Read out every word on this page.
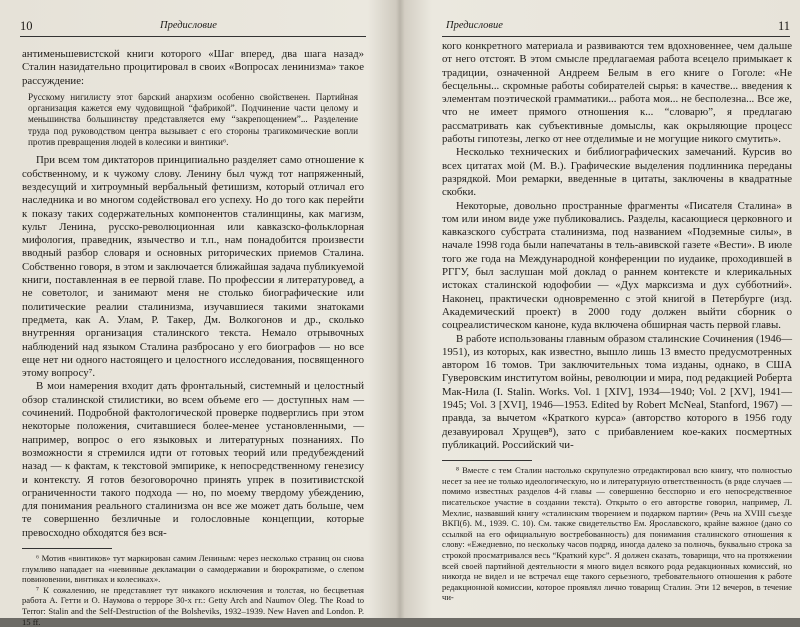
10	Предисловие

антименьшевистской книги которого «Шаг вперед, два шага назад» Сталин назидательно процитировал в своих «Вопросах ленинизма» такое рассуждение:

Русскому нигилисту этот барский анархизм особенно свойственен. Партийная организация кажется ему чудовищной “фабрикой”. Подчинение части целому и меньшинства большинству представляется ему “закрепощением”... Разделение труда под руководством центра вызывает с его стороны трагикомические вопли против превращения людей в колесики и винтики⁶.

При всем том диктаторов принципиально разделяет само отношение к собственному, и к чужому слову. Ленину был чужд тот напряженный, вездесущий и хитроумный вербальный фетишизм, который отличал его наследника и во многом содействовал его успеху. Но до того как перейти к показу таких содержательных компонентов сталинщины, как магизм, культ Ленина, русско-революционная или кавказско-фольклорная мифология, праведник, язычество и т.п., нам понадобится произвести вводный разбор словаря и основных риторических приемов Сталина. Собственно говоря, в этом и заключается ближайшая задача публикуемой книги, поставленная в ее первой главе. По профессии я литературовед, а не советолог, и занимают меня не столько биографические или политические реалии сталинизма, изучавшиеся такими знатоками предмета, как А. Улам, Р. Такер, Дм. Волкогонов и др., сколько внутренняя организация сталинского текста. Немало отрывочных наблюдений над языком Сталина разбросано у его биографов — но все еще нет ни одного настоящего и целостного исследования, посвященного этому вопросу⁷.

В мои намерения входит дать фронтальный, системный и целостный обзор сталинской стилистики, во всем объеме его — доступных нам — сочинений. Подробной фактологической проверке подверглись при этом некоторые положения, считавшиеся более-менее установленными, — например, вопрос о его языковых и литературных познаниях. По возможности я стремился идти от готовых теорий или предубеждений назад — к фактам, к текстовой эмпирике, к непосредственному генезису и контексту. Я готов безоговорочно принять упрек в позитивистской ограниченности такого подхода — но, по моему твердому убеждению, для понимания реального сталинизма он все же может дать больше, чем те совершенно безличные и голословные концепции, которые превосходно обходятся без вся-

⁶ Мотив «винтиков» тут маркирован самим Лениным: через несколько страниц он снова глумливо нападает на «невинные декламации о самодержавии и бюрократизме, о слепом повиновении, винтиках и колесиках».

⁷ К сожалению, не представляет тут никакого исключения и толстая, но бесцветная работа А. Гетти и О. Наумова о терроре 30-х гг.: Getty Arch and Naumov Oleg. The Road to Terror: Stalin and the Self-Destruction of the Bolsheviks, 1932–1939. New Haven and London. P. 15 ff.

Предисловие	11

кого конкретного материала и развиваются тем вдохновеннее, чем дальше от него отстоят. В этом смысле предлагаемая работа всецело примыкает к традиции, означенной Андреем Белым в его книге о Гоголе: «Не бесцельны... скромные работы собирателей сырья: в качестве... введения к элементам поэтической грамматики... работа моя... не бесполезна... Все же, что не имеет прямого отношения к... “словарю”, я предлагаю рассматривать как субъективные домыслы, как окрыляющие процесс работы гипотезы, легко от нее отделимые и не могущие никого смутить».

Несколько технических и библиографических замечаний. Курсив во всех цитатах мой (М. В.). Графические выделения подлинника переданы разрядкой. Мои ремарки, введенные в цитаты, заключены в квадратные скобки.

Некоторые, довольно пространные фрагменты «Писателя Сталина» в том или ином виде уже публиковались. Разделы, касающиеся церковного и кавказского субстрата сталинизма, под названием «Подземные силы», в начале 1998 года были напечатаны в тель-авивской газете «Вести». В июле того же года на Международной конференции по иудаике, проходившей в РГГУ, был заслушан мой доклад о раннем контексте и клерикальных истоках сталинской юдофобии — «Дух марксизма и дух субботний». Наконец, практически одновременно с этой книгой в Петербурге (изд. Академический проект) в 2000 году должен выйти сборник о соцреалистическом каноне, куда включена обширная часть первой главы.

В работе использованы главным образом сталинские Сочинения (1946—1951), из которых, как известно, вышло лишь 13 вместо предусмотренных автором 16 томов. Три заключительных тома изданы, однако, в США Гуверовским институтом войны, революции и мира, под редакцией Роберта Мак-Нила (I. Stalin. Works. Vol. 1 [XIV], 1934—1940; Vol. 2 [XV], 1941—1945; Vol. 3 [XVI], 1946—1953. Edited by Robert McNeal, Stanford, 1967) — правда, за вычетом «Краткого курса» (авторство которого в 1956 году дезавуировал Хрущев⁸), зато с прибавлением кое-каких посмертных публикаций. Российский чи-

⁸ Вместе с тем Сталин настолько скрупулезно отредактировал всю книгу, что полностью несет за нее не только идеологическую, но и литературную ответственность (в ряде случаев — помимо известных разделов 4-й главы — совершенно бесспорно и его непосредственное писательское участие в создании текста). Открыто о его авторстве говорил, например, Л. Мехлис, назвавший книгу «сталинским творением и подарком партии» (Речь на XVIII съезде ВКП(б). М., 1939. С. 10). См. также свидетельство Ем. Ярославского, крайне важное (дано со ссылкой на его официальную востребованность) для понимания сталинского отношения к слову: «Ежедневно, по нескольку часов подряд, иногда далеко за полночь, буквально строка за строкой просматривался весь “Краткий курс”. Я должен сказать, товарищи, что на протяжении всей своей партийной деятельности я много видел всякого рода редакционных комиссий, но никогда не видел и не встречал еще такого серьезного, требовательного отношения к работе редакционной комиссии, которое проявлял лично товарищ Сталин. Эти 12 вечеров, в течение чи-
